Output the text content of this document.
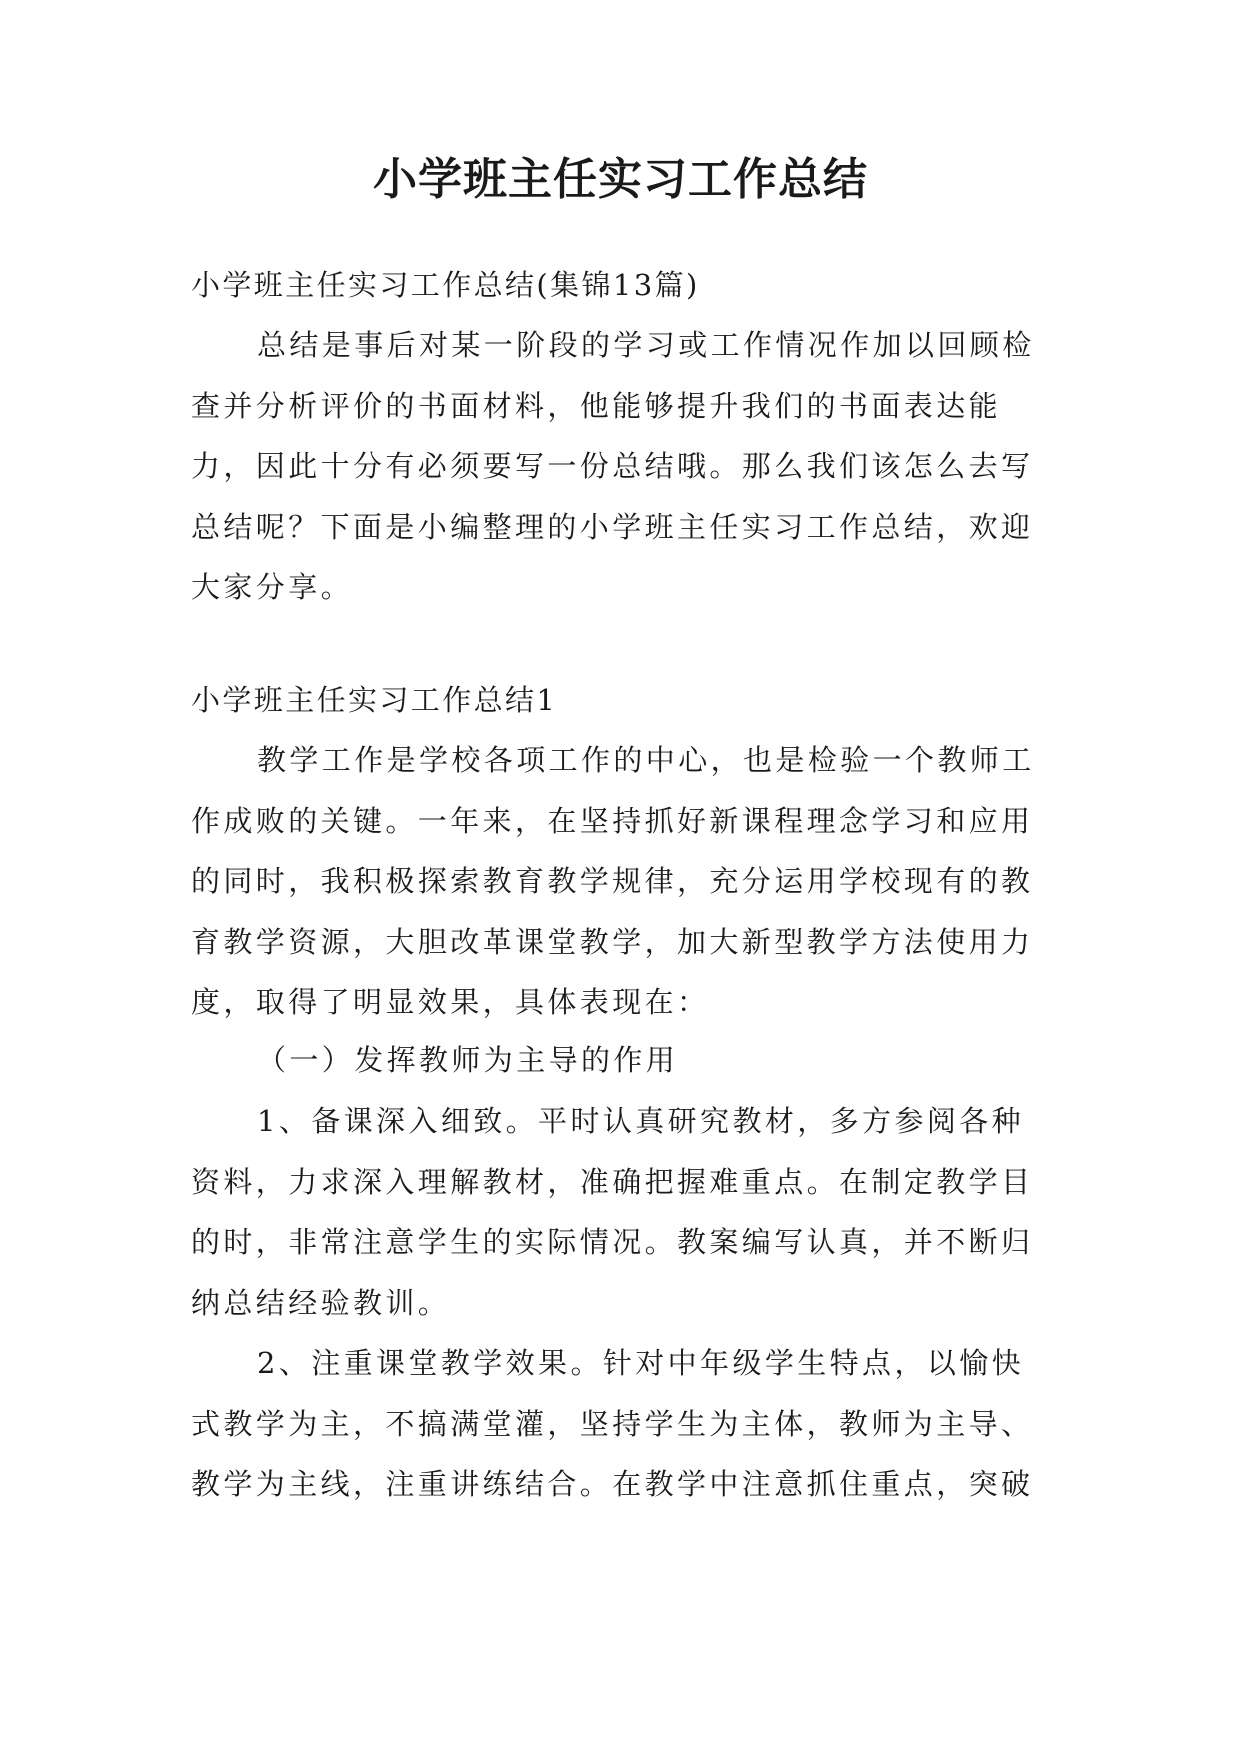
小学班主任实习工作总结

小学班主任实习工作总结(集锦13篇)

总结是事后对某一阶段的学习或工作情况作加以回顾检查并分析评价的书面材料，他能够提升我们的书面表达能力，因此十分有必须要写一份总结哦。那么我们该怎么去写总结呢？下面是小编整理的小学班主任实习工作总结，欢迎大家分享。

小学班主任实习工作总结1

教学工作是学校各项工作的中心，也是检验一个教师工作成败的关键。一年来，在坚持抓好新课程理念学习和应用的同时，我积极探索教育教学规律，充分运用学校现有的教育教学资源，大胆改革课堂教学，加大新型教学方法使用力度，取得了明显效果，具体表现在：

（一）发挥教师为主导的作用

1、备课深入细致。平时认真研究教材，多方参阅各种资料，力求深入理解教材，准确把握难重点。在制定教学目的时，非常注意学生的实际情况。教案编写认真，并不断归纳总结经验教训。

2、注重课堂教学效果。针对中年级学生特点，以愉快式教学为主，不搞满堂灌，坚持学生为主体，教师为主导、教学为主线，注重讲练结合。在教学中注意抓住重点，突破
